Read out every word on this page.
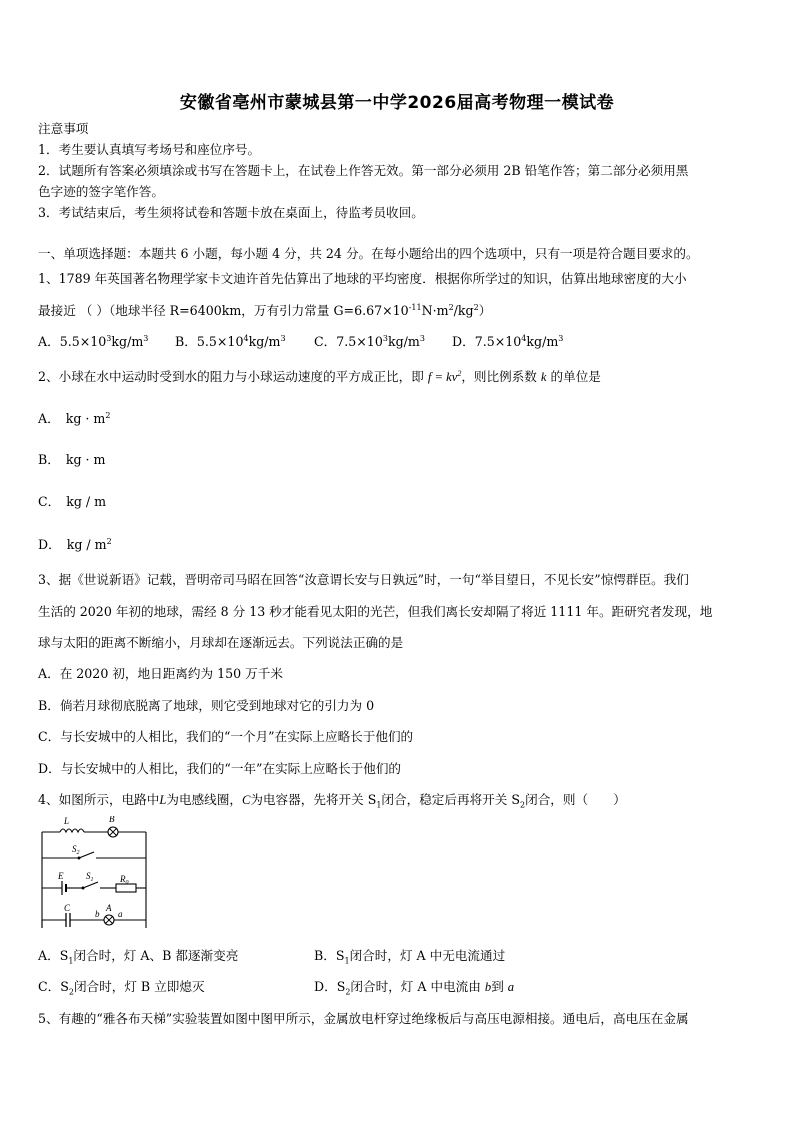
安徽省亳州市蒙城县第一中学2026届高考物理一模试卷
注意事项
1．考生要认真填写考场号和座位序号。
2．试题所有答案必须填涂或书写在答题卡上，在试卷上作答无效。第一部分必须用 2B 铅笔作答；第二部分必须用黑
色字迹的签字笔作答。
3．考试结束后，考生须将试卷和答题卡放在桌面上，待监考员收回。
一、单项选择题：本题共 6 小题，每小题 4 分，共 24 分。在每小题给出的四个选项中，只有一项是符合题目要求的。
1、1789 年英国著名物理学家卡文迪许首先估算出了地球的平均密度．根据你所学过的知识，估算出地球密度的大小
最接近 （ ）（地球半径 R=6400km，万有引力常量 $G=6.67\times 10^{-11}N\cdot m^2/kg^2$）
A．$5.5\times 10^3kg/m^3$ B．$5.5\times 10^4kg/m^3$ C．$7.5\times 10^3kg/m^3$ D．$7.5\times 10^4kg/m^3$
2、小球在水中运动时受到水的阻力与小球运动速度的平方成正比，即 $f = kv^2$，则比例系数 k 的单位是
A． kg · $m^2$
B． kg · m
C． kg / m
D． kg / $m^2$
3、据《世说新语》记载，晋明帝司马昭在回答“汝意谓长安与日孰远”时，一句“举目望日，不见长安”惊愕群臣。我们
生活的 2020 年初的地球，需经 8 分 13 秒才能看见太阳的光芒，但我们离长安却隔了将近 1111 年。距研究者发现，地
球与太阳的距离不断缩小，月球却在逐渐远去。下列说法正确的是
A．在 2020 初，地日距离约为 150 万千米
B．倘若月球彻底脱离了地球，则它受到地球对它的引力为 0
C．与长安城中的人相比，我们的“一个月”在实际上应略长于他们的
D．与长安城中的人相比，我们的“一年”在实际上应略长于他们的
4、如图所示，电路中L为电感线圈，C为电容器，先将开关 $S_1$闭合，稳定后再将开关 $S_2$闭合，则（　　）
L	B
$S_2$
E	$S_1$	$R_0$
C
b
A
a
A．$S_1$闭合时，灯 A、B 都逐渐变亮	B．$S_1$闭合时，灯 A 中无电流通过
C．$S_2$闭合时，灯 B 立即熄灭	D．$S_2$闭合时，灯 A 中电流由 b到 a
5、有趣的“雅各布天梯”实验装置如图中图甲所示，金属放电杆穿过绝缘板后与高压电源相接。通电后，高电压在金属
